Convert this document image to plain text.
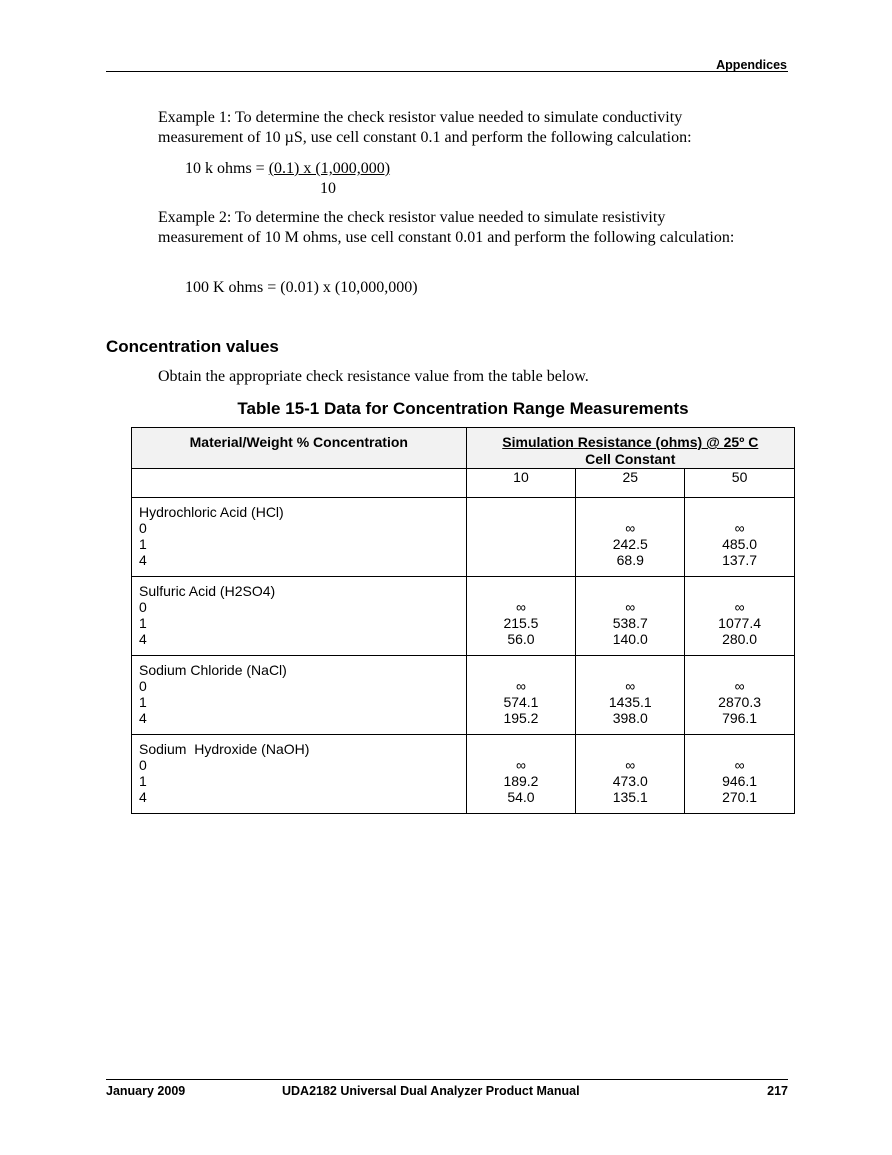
Appendices
Example 1: To determine the check resistor value needed to simulate conductivity measurement of 10 µS, use cell constant 0.1 and perform the following calculation:
10 k ohms = (0.1) x (1,000,000)
10
Example 2: To determine the check resistor value needed to simulate resistivity measurement of 10 M ohms, use cell constant 0.01 and perform the following calculation:
100 K ohms = (0.01) x (10,000,000)
Concentration values
Obtain the appropriate check resistance value from the table below.
Table 15-1 Data for Concentration Range Measurements
Material/Weight % Concentration	Simulation Resistance (ohms) @ 25º C
Cell Constant		
	10	25	50

Hydrochloric Acid (HCl)
0
1
4		∞
242.5
68.9	∞
485.0
137.7

Sulfuric Acid (H2SO4)
0
1
4	∞
215.5
56.0	∞
538.7
140.0	∞
1077.4
280.0

Sodium Chloride (NaCl)
0
1
4	∞
574.1
195.2	∞
1435.1
398.0	∞
2870.3
796.1

Sodium  Hydroxide (NaOH)
0
1
4	∞
189.2
54.0	∞
473.0
135.1	∞
946.1
270.1
January 2009	UDA2182 Universal Dual Analyzer Product Manual	217
